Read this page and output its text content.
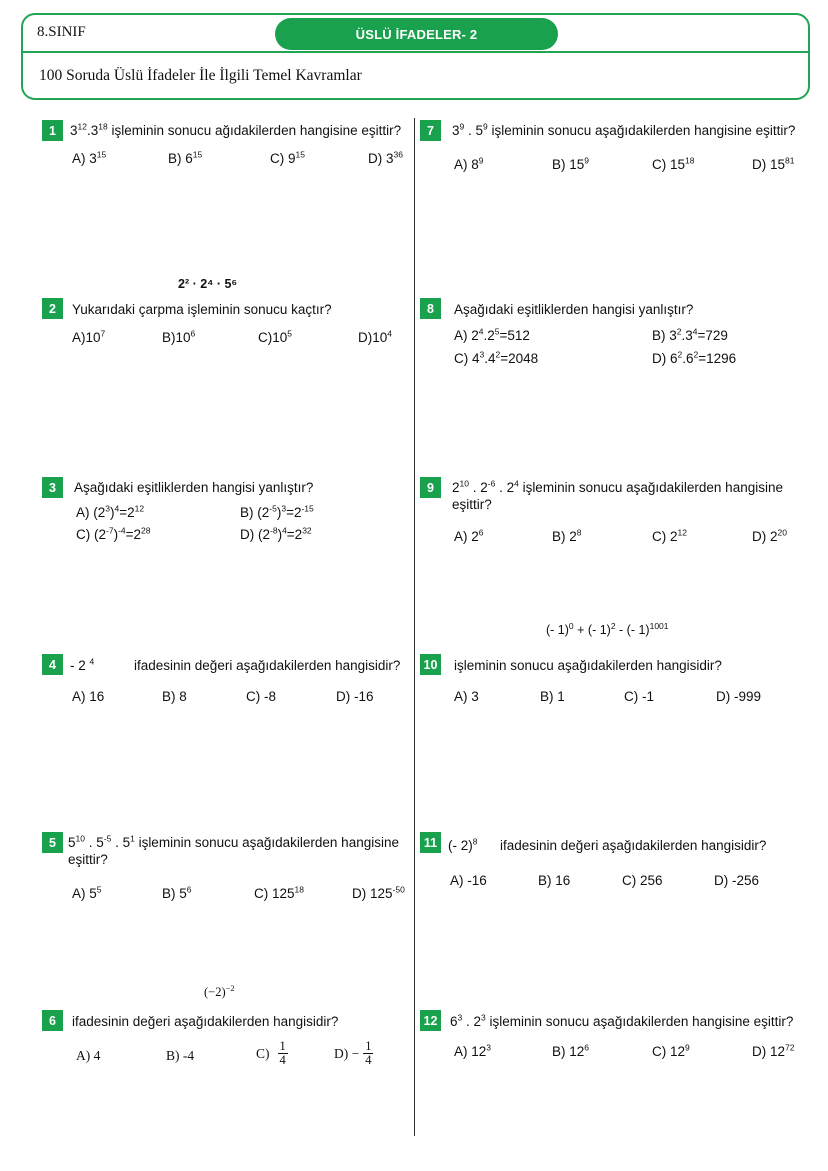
8.SINIF	ÜSLÜ İFADELER- 2
100 Soruda Üslü İfadeler İle İlgili Temel Kavramlar
1	$3^{12}.3^{18}$ işleminin sonucu ağıdakilerden hangisine eşittir?
A) $3^{15}$	B) $6^{15}$	C) $9^{15}$	D) $3^{36}$
2² · 2⁴ · 5⁶
2	Yukarıdaki çarpma işleminin sonucu kaçtır?
$A)10^7$	$B)10^6$	$C)10^5$	$D)10^4$
3	Aşağıdaki eşitliklerden hangisi yanlıştır?
A) $(2^3)^4=2^{12}$	B) $(2^{-5})^3=2^{-15}$
C) $(2^{-7})^{-4}=2^{28}$	D) $(2^{-8})^4=2^{32}$
4	- 2 $^4$	ifadesinin değeri aşağıdakilerden hangisidir?
A) 16	B) 8	C) -8	D) -16
5 $5^{10}$ . $5^{-5}$ . $5^1$ işleminin sonucu aşağıdakilerden hangisine
eşittir?
A) $5^5$	B) $5^6$	C) $125^{18}$	D) $125^{-50}$
$(-2)^{-2}$
6	ifadesinin değeri aşağıdakilerden hangisidir?
A) 4	B) -4	$C) \frac{1}{4}$	$D) - \frac{1}{4}$
7	$3^9$ . $5^9$ işleminin sonucu aşağıdakilerden hangisine eşittir?
A) $8^9$	B) $15^9$	C) $15^{18}$	D) $15^{81}$
8	Aşağıdaki eşitliklerden hangisi yanlıştır?
A) $2^4.2^5=512$	B) $3^2.3^4=729$
C) $4^3.4^2=2048$	D) $6^2.6^2=1296$
9	$2^{10}$ . $2^{-6}$ . $2^4$ işleminin sonucu aşağıdakilerden hangisine
eşittir?
A) $2^6$	B) $2^8$	C) $2^{12}$	D) $2^{20}$
(- 1)$^0$ + (- 1)$^2$ - (- 1)$^{1001}$
10 işleminin sonucu aşağıdakilerden hangisidir?
A) 3	B) 1	C) -1	D) -999
11 (- 2)$^8$ ifadesinin değeri aşağıdakilerden hangisidir?
A) -16	B) 16	C) 256	D) -256
12 $6^3$ . $2^3$ işleminin sonucu aşağıdakilerden hangisine eşittir?
A) $12^3$	B) $12^6$	C) $12^9$	D) $12^{72}$
